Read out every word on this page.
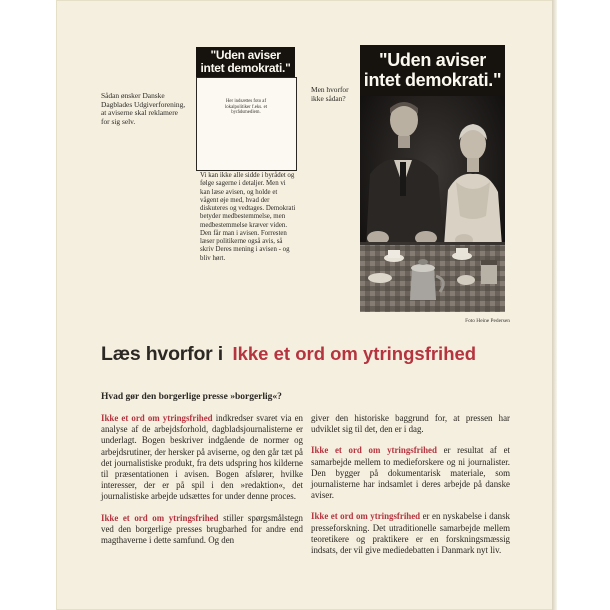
Sådan ønsker Danske Dagblades Udgiverforening, at aviserne skal reklamere for sig selv.
"Uden aviser
intet demokrati."
Her indsættes foto af lokalpolitiker f.eks. et byrådsmedlem.
Vi kan ikke alle sidde i byrådet og følge sagerne i detaljer. Men vi kan læse avisen, og holde et vågent øje med, hvad der diskuteres og vedtages. Demokrati betyder medbestemmelse, men medbestemmelse kræver viden. Den får man i avisen. Forresten læser politikerne også avis, så skriv Deres mening i avisen - og bliv hørt.
Men hvorfor ikke sådan?
"Uden aviser
intet demokrati."
Foto Heine Pedersen
Læs hvorfor i Ikke et ord om ytringsfrihed
Hvad gør den borgerlige presse »borgerlig«?

Ikke et ord om ytringsfrihed indkredser svaret via en analyse af de arbejdsforhold, dagbladsjournalisterne er underlagt. Bogen beskriver indgående de normer og arbejdsrutiner, der hersker på aviserne, og den går tæt på det journalistiske produkt, fra dets udspring hos kilderne til præsentationen i avisen. Bogen afslører, hvilke interesser, der er på spil i den »redaktion«, det journalistiske arbejde udsættes for under denne proces.

Ikke et ord om ytringsfrihed stiller spørgsmålstegn ved den borgerlige presses brugbarhed for andre end magthaverne i dette samfund. Og den

giver den historiske baggrund for, at pressen har udviklet sig til det, den er i dag.

Ikke et ord om ytringsfrihed er resultat af et samarbejde mellem to medieforskere og ni journalister. Den bygger på dokumentarisk materiale, som journalisterne har indsamlet i deres arbejde på danske aviser.

Ikke et ord om ytringsfrihed er en nyskabelse i dansk presseforskning. Det utraditionelle samarbejde mellem teoretikere og praktikere er en forskningsmæssig indsats, der vil give mediedebatten i Danmark nyt liv.
